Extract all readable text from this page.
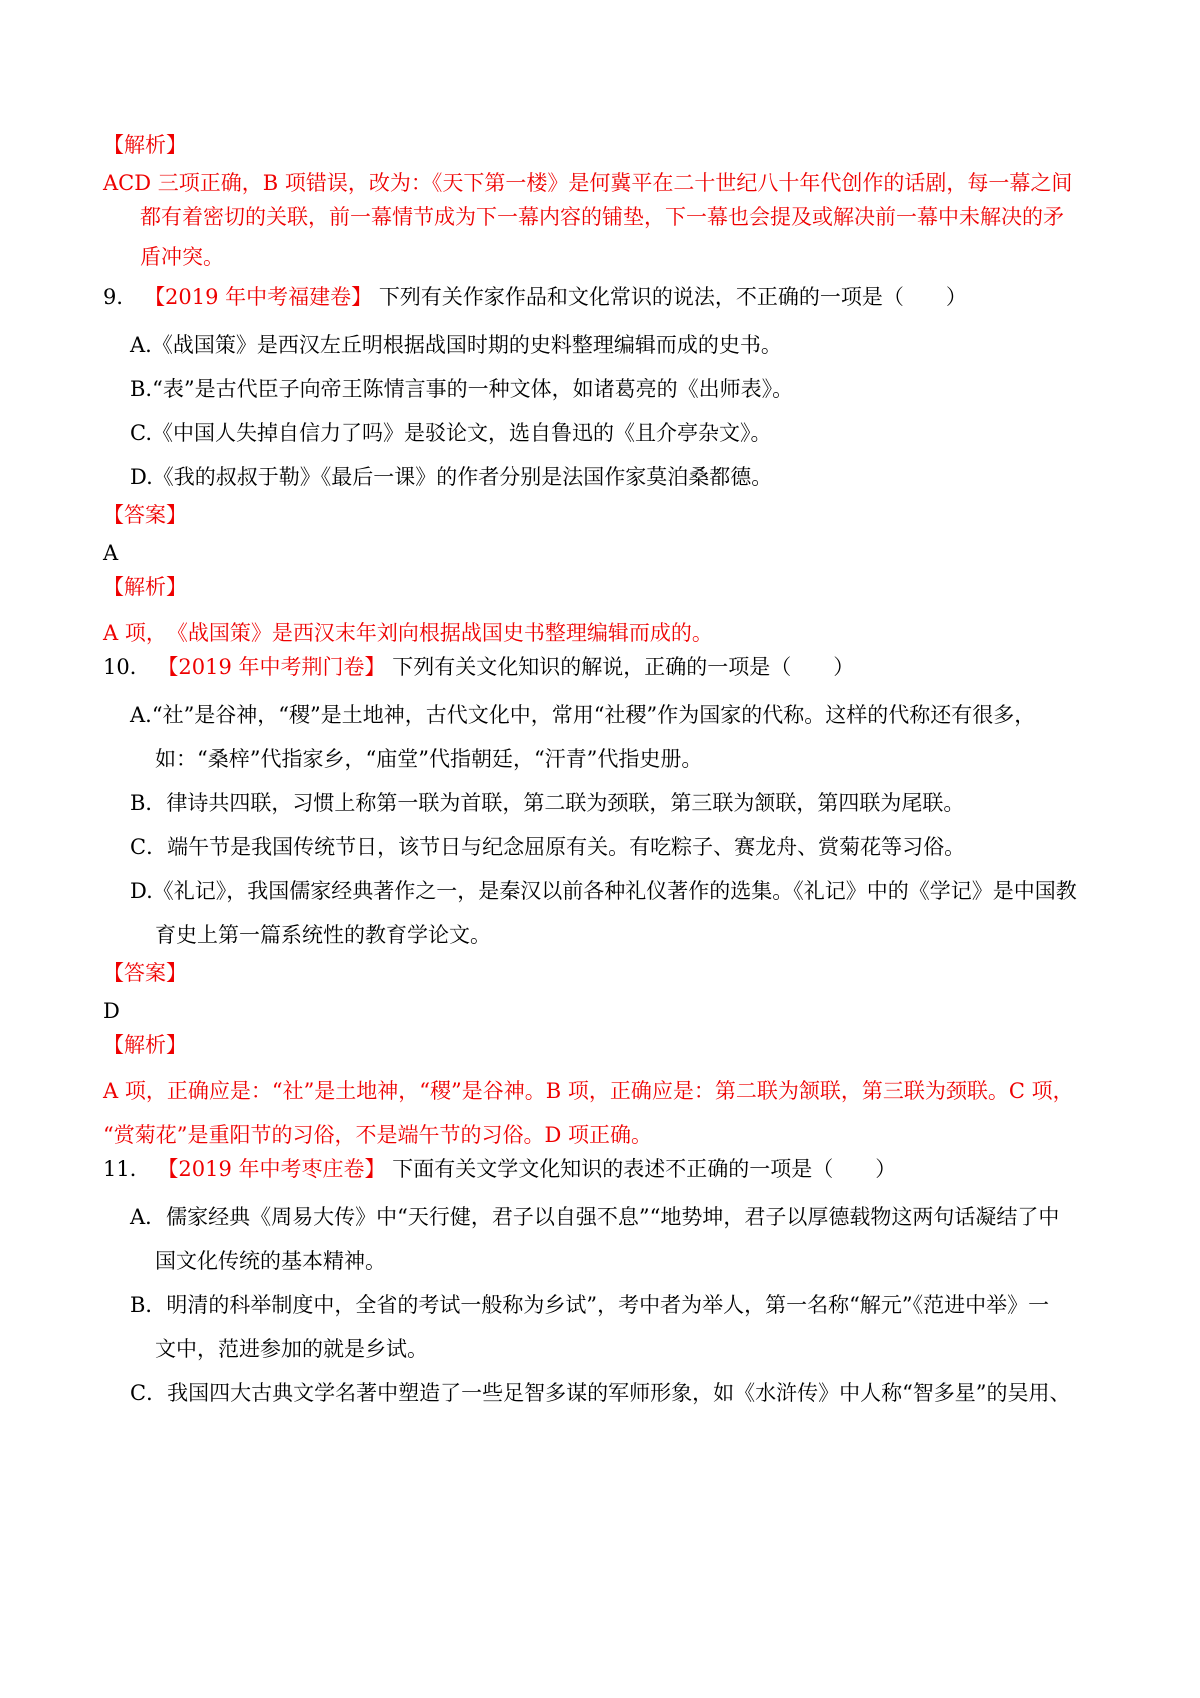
【解析】
ACD 三项正确，B 项错误，改为：《天下第一楼》是何冀平在二十世纪八十年代创作的话剧，每一幕之间
都有着密切的关联，前一幕情节成为下一幕内容的铺垫，下一幕也会提及或解决前一幕中未解决的矛
盾冲突。
9． 【2019 年中考福建卷】 下列有关作家作品和文化常识的说法，不正确的一项是（　　）
A.《战国策》是西汉左丘明根据战国时期的史料整理编辑而成的史书。
B.“表”是古代臣子向帝王陈情言事的一种文体，如诸葛亮的《出师表》。
C.《中国人失掉自信力了吗》是驳论文，选自鲁迅的《且介亭杂文》。
D.《我的叔叔于勒》《最后一课》的作者分别是法国作家莫泊桑都德。
【答案】
A
【解析】
A 项，　《战国策》是西汉末年刘向根据战国史书整理编辑而成的。
10． 【2019 年中考荆门卷】 下列有关文化知识的解说，正确的一项是（　　）
A.“社”是谷神，“稷”是土地神，古代文化中，常用“社稷”作为国家的代称。这样的代称还有很多，
如：“桑梓”代指家乡，“庙堂”代指朝廷，“汗青”代指史册。
B．律诗共四联，习惯上称第一联为首联，第二联为颈联，第三联为颔联，第四联为尾联。
C．端午节是我国传统节日，该节日与纪念屈原有关。有吃粽子、赛龙舟、赏菊花等习俗。
D.《礼记》，我国儒家经典著作之一，是秦汉以前各种礼仪著作的选集。《礼记》中的《学记》是中国教
育史上第一篇系统性的教育学论文。
【答案】
D
【解析】
A 项，正确应是：“社”是土地神，“稷”是谷神。B 项，正确应是：第二联为颔联，第三联为颈联。C 项，
“赏菊花”是重阳节的习俗，不是端午节的习俗。D 项正确。
11． 【2019 年中考枣庄卷】 下面有关文学文化知识的表述不正确的一项是（　　）
A．儒家经典《周易大传》中“天行健，君子以自强不息”“地势坤，君子以厚德载物这两句话凝结了中
国文化传统的基本精神。
B．明清的科举制度中，全省的考试一般称为乡试”，考中者为举人，第一名称“解元”《范进中举》一
文中，范进参加的就是乡试。
C．我国四大古典文学名著中塑造了一些足智多谋的军师形象，如《水浒传》中人称“智多星”的吴用、
